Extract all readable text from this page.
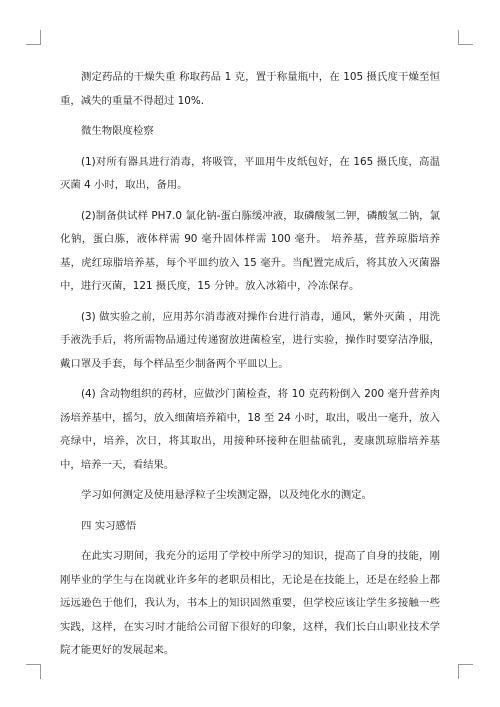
测定药品的干燥失重 称取药品 1 克，置于称量瓶中，在 105 摄氏度干燥至恒重，减失的重量不得超过 10%.

微生物限度检察

(1)对所有器具进行消毒，将吸管，平皿用牛皮纸包好，在 165 摄氏度，高温灭菌 4 小时，取出，备用。

(2)制备供试样 PH7.0 氯化钠-蛋白胨缓冲液，取磷酸氢二钾，磷酸氢二钠，氯化钠，蛋白胨，液体样需 90 毫升固体样需 100 毫升。 培养基，营养琼脂培养基，虎红琼脂培养基，每个平皿约放入 15 毫升。当配置完成后，将其放入灭菌器中，进行灭菌，121 摄氏度，15 分钟。放入冰箱中，冷冻保存。

(3) 做实验之前，应用苏尔消毒液对操作台进行消毒，通风，紫外灭菌 ，用洗手液洗手后，将所需物品通过传递窗放进菌检室，进行实验，操作时要穿洁净服，戴口罩及手套，每个样品至少制备两个平皿以上。

(4) 含动物组织的药材，应做沙门菌检查，将 10 克药粉倒入 200 毫升营养肉汤培养基中，摇匀，放入细菌培养箱中，18 至 24 小时，取出，吸出一毫升，放入亮绿中，培养，次日，将其取出，用接种环接种在胆盐硫乳，麦康凯琼脂培养基中，培养一天，看结果。

学习如何测定及使用悬浮粒子尘埃测定器，以及纯化水的测定。

四 实习感悟

在此实习期间，我充分的运用了学校中所学习的知识，提高了自身的技能，刚刚毕业的学生与在岗就业许多年的老职员相比，无论是在技能上，还是在经验上都远远逊色于他们，我认为，书本上的知识固然重要，但学校应该让学生多接触一些实践，这样，在实习时才能给公司留下很好的印象，这样，我们长白山职业技术学院才能更好的发展起来。
